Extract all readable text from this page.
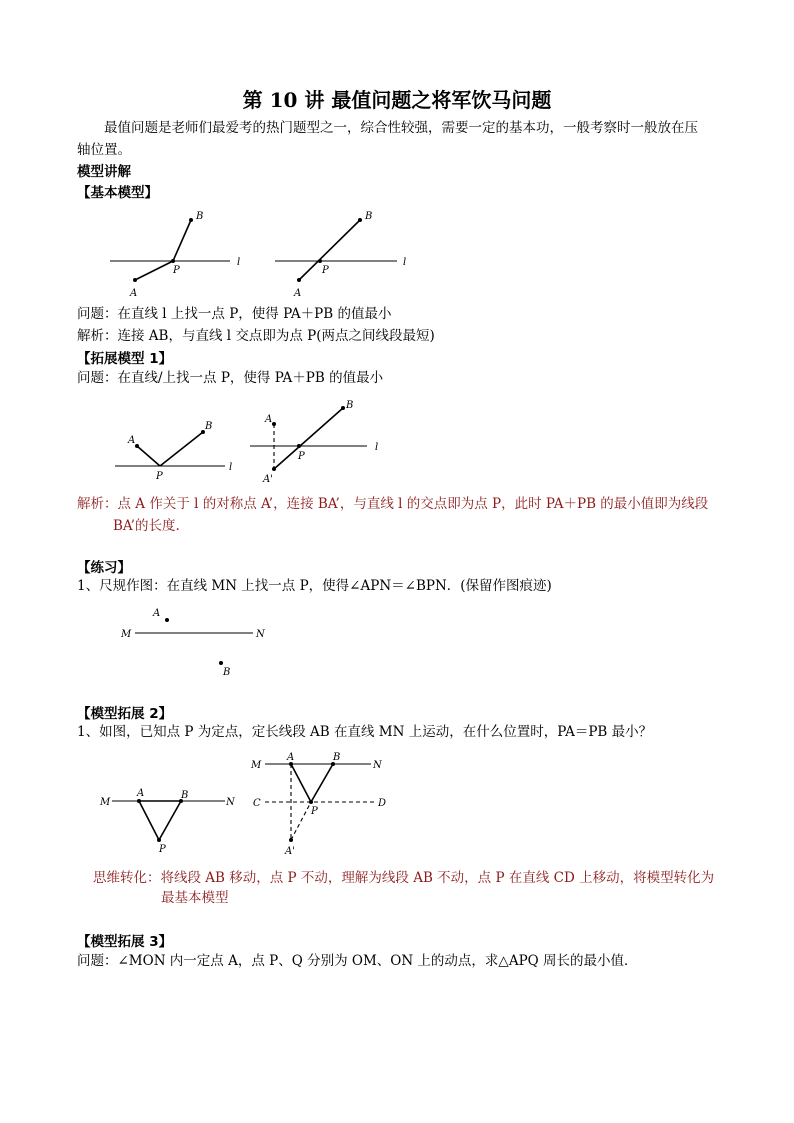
第 10 讲 最值问题之将军饮马问题
最值问题是老师们最爱考的热门题型之一，综合性较强，需要一定的基本功，一般考察时一般放在压
轴位置。
模型讲解
【基本模型】
B
A
P
l
B
A
P
l
问题：在直线 l 上找一点 P，使得 PA＋PB 的值最小
解析：连接 AB，与直线 l 交点即为点 P(两点之间线段最短)
【拓展模型 1】
问题：在直线/上找一点 P，使得 PA＋PB 的值最小
A
B
P
l
A
A'
B
P
l
解析：点 A 作关于 l 的对称点 A’，连接 BA’，与直线 l 的交点即为点 P，此时 PA＋PB 的最小值即为线段
BA’的长度.
【练习】
1、尺规作图：在直线 MN 上找一点 P，使得∠APN＝∠BPN．(保留作图痕迹)
A
B
M	N
【模型拓展 2】
1、如图，已知点 P 为定点，定长线段 AB 在直线 MN 上运动，在什么位置时，PA＝PB 最小？
A	B
P
M	N
A	B
P
A'
M	N
C	D
思维转化：将线段 AB 移动，点 P 不动，理解为线段 AB 不动，点 P 在直线 CD 上移动，将模型转化为
最基本模型
【模型拓展 3】
问题：∠MON 内一定点 A，点 P、Q 分别为 OM、ON 上的动点，求△APQ 周长的最小值．
